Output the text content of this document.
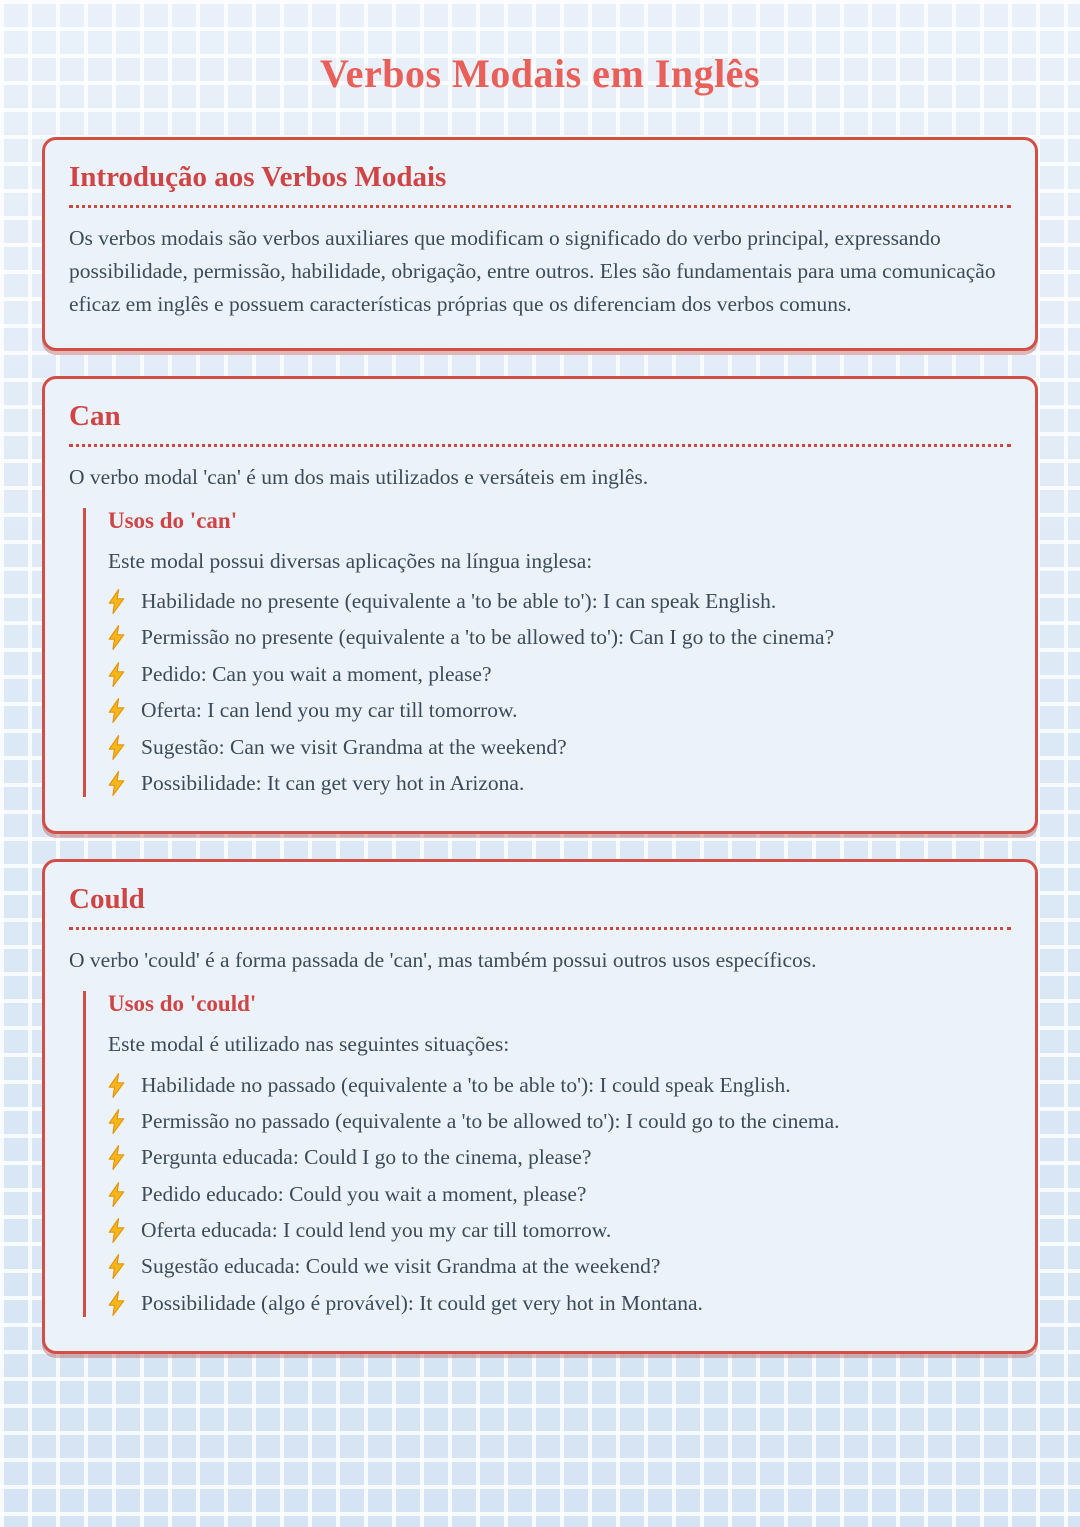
Verbos Modais em Inglês
Introdução aos Verbos Modais

Os verbos modais são verbos auxiliares que modificam o significado do verbo principal, expressando possibilidade, permissão, habilidade, obrigação, entre outros. Eles são fundamentais para uma comunicação eficaz em inglês e possuem características próprias que os diferenciam dos verbos comuns.

Can

O verbo modal 'can' é um dos mais utilizados e versáteis em inglês.

Usos do 'can'

Este modal possui diversas aplicações na língua inglesa:

Habilidade no presente (equivalente a 'to be able to'): I can speak English.
Permissão no presente (equivalente a 'to be allowed to'): Can I go to the cinema?
Pedido: Can you wait a moment, please?
Oferta: I can lend you my car till tomorrow.
Sugestão: Can we visit Grandma at the weekend?
Possibilidade: It can get very hot in Arizona.
Could

O verbo 'could' é a forma passada de 'can', mas também possui outros usos específicos.

Usos do 'could'

Este modal é utilizado nas seguintes situações:

Habilidade no passado (equivalente a 'to be able to'): I could speak English.
Permissão no passado (equivalente a 'to be allowed to'): I could go to the cinema.
Pergunta educada: Could I go to the cinema, please?
Pedido educado: Could you wait a moment, please?
Oferta educada: I could lend you my car till tomorrow.
Sugestão educada: Could we visit Grandma at the weekend?
Possibilidade (algo é provável): It could get very hot in Montana.
